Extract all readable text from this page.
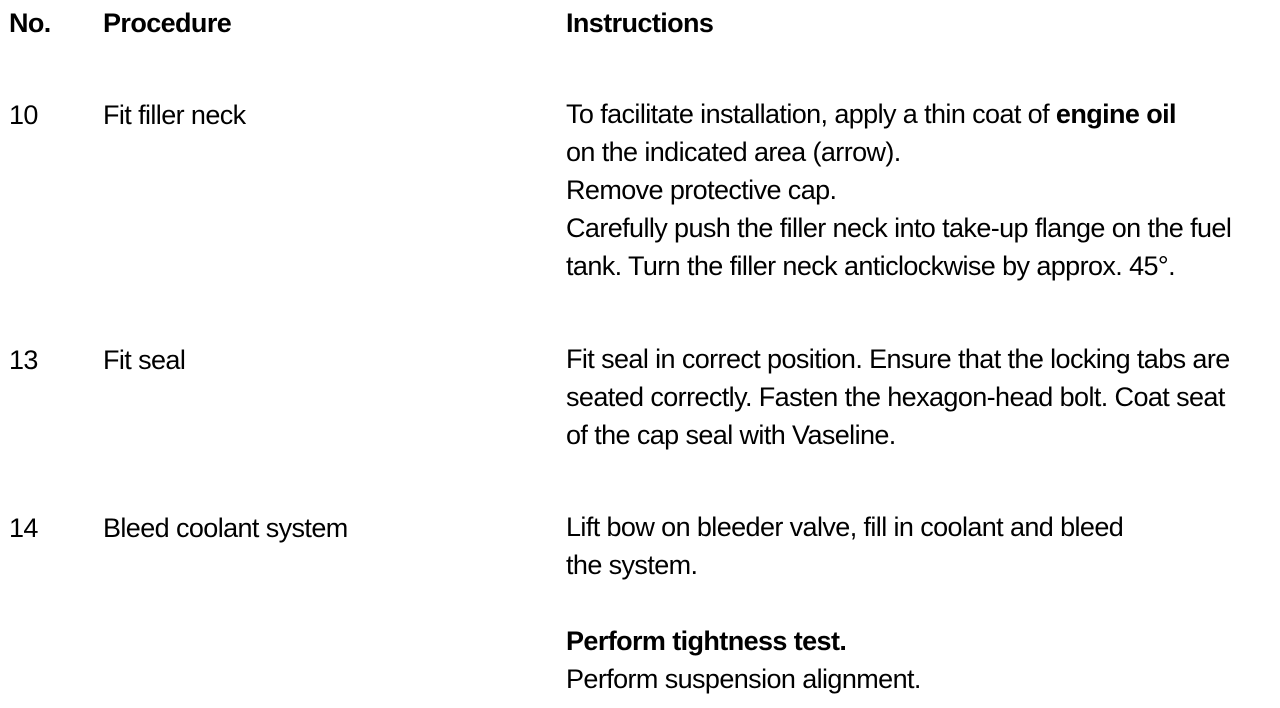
No. Procedure	Instructions
10 Fit filler neck	To facilitate installation, apply a thin coat of engine oil
on the indicated area (arrow).
Remove protective cap.
Carefully push the filler neck into take-up flange on the fuel
tank. Turn the filler neck anticlockwise by approx. 45°.
13 Fit seal	Fit seal in correct position. Ensure that the locking tabs are
seated correctly. Fasten the hexagon-head bolt. Coat seat
of the cap seal with Vaseline.
14 Bleed coolant system	Lift bow on bleeder valve, fill in coolant and bleed
the system.
Perform tightness test.
Perform suspension alignment.
